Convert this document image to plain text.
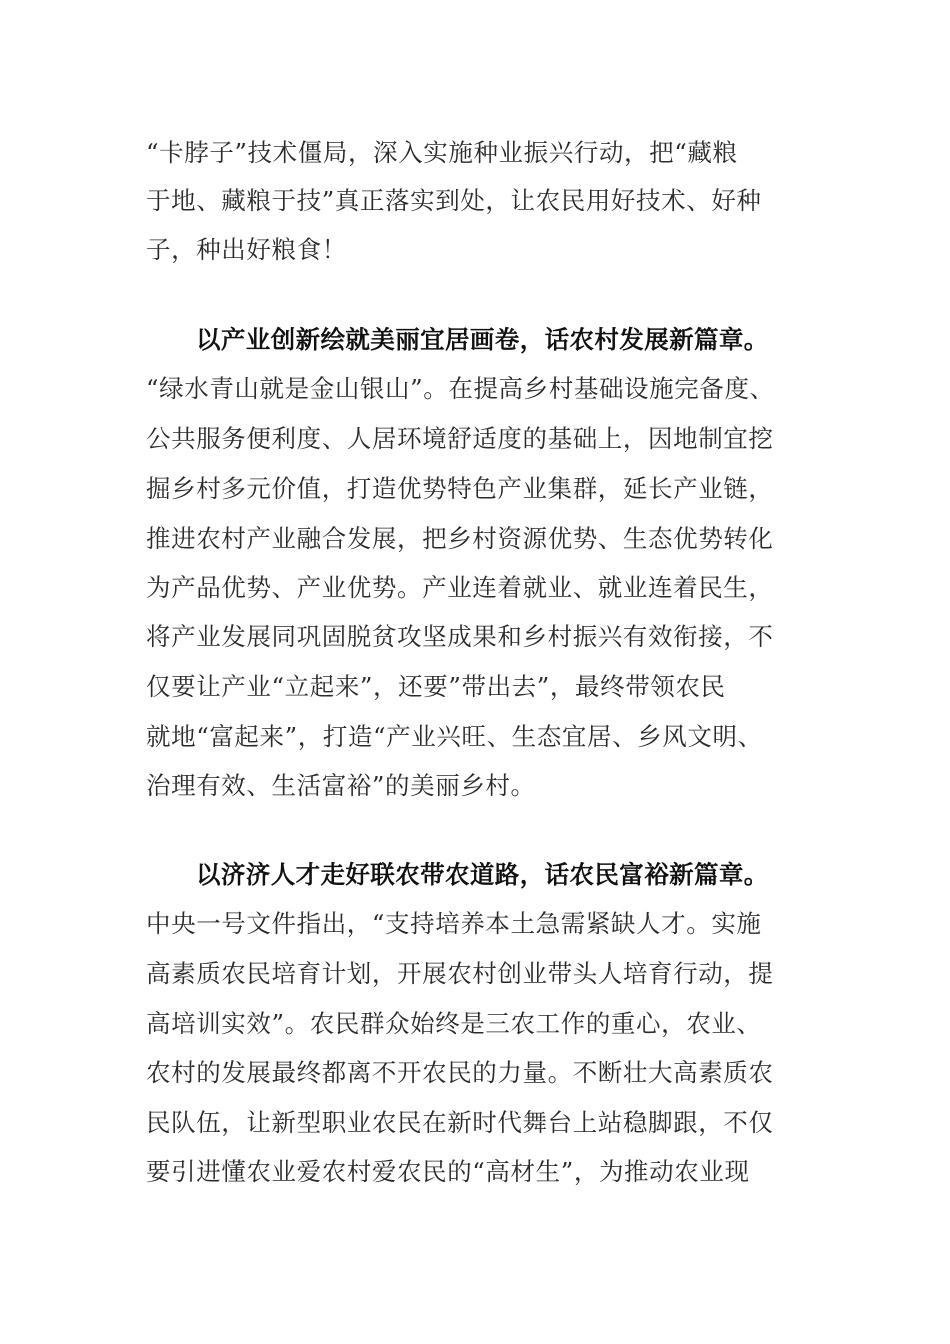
“卡脖子”技术僵局，深入实施种业振兴行动，把“藏粮

于地、藏粮于技”真正落实到处，让农民用好技术、好种

子，种出好粮食！

以产业创新绘就美丽宜居画卷，话农村发展新篇章。

“绿水青山就是金山银山”。在提高乡村基础设施完备度、

公共服务便利度、人居环境舒适度的基础上，因地制宜挖

掘乡村多元价值，打造优势特色产业集群，延长产业链，

推进农村产业融合发展，把乡村资源优势、生态优势转化

为产品优势、产业优势。产业连着就业、就业连着民生，

将产业发展同巩固脱贫攻坚成果和乡村振兴有效衔接，不

仅要让产业“立起来”，还要”带出去”，最终带领农民

就地“富起来”，打造“产业兴旺、生态宜居、乡风文明、

治理有效、生活富裕”的美丽乡村。

以济济人才走好联农带农道路，话农民富裕新篇章。

中央一号文件指出，“支持培养本土急需紧缺人才。实施

高素质农民培育计划，开展农村创业带头人培育行动，提

高培训实效”。农民群众始终是三农工作的重心，农业、

农村的发展最终都离不开农民的力量。不断壮大高素质农

民队伍，让新型职业农民在新时代舞台上站稳脚跟，不仅

要引进懂农业爱农村爱农民的“高材生”，为推动农业现
